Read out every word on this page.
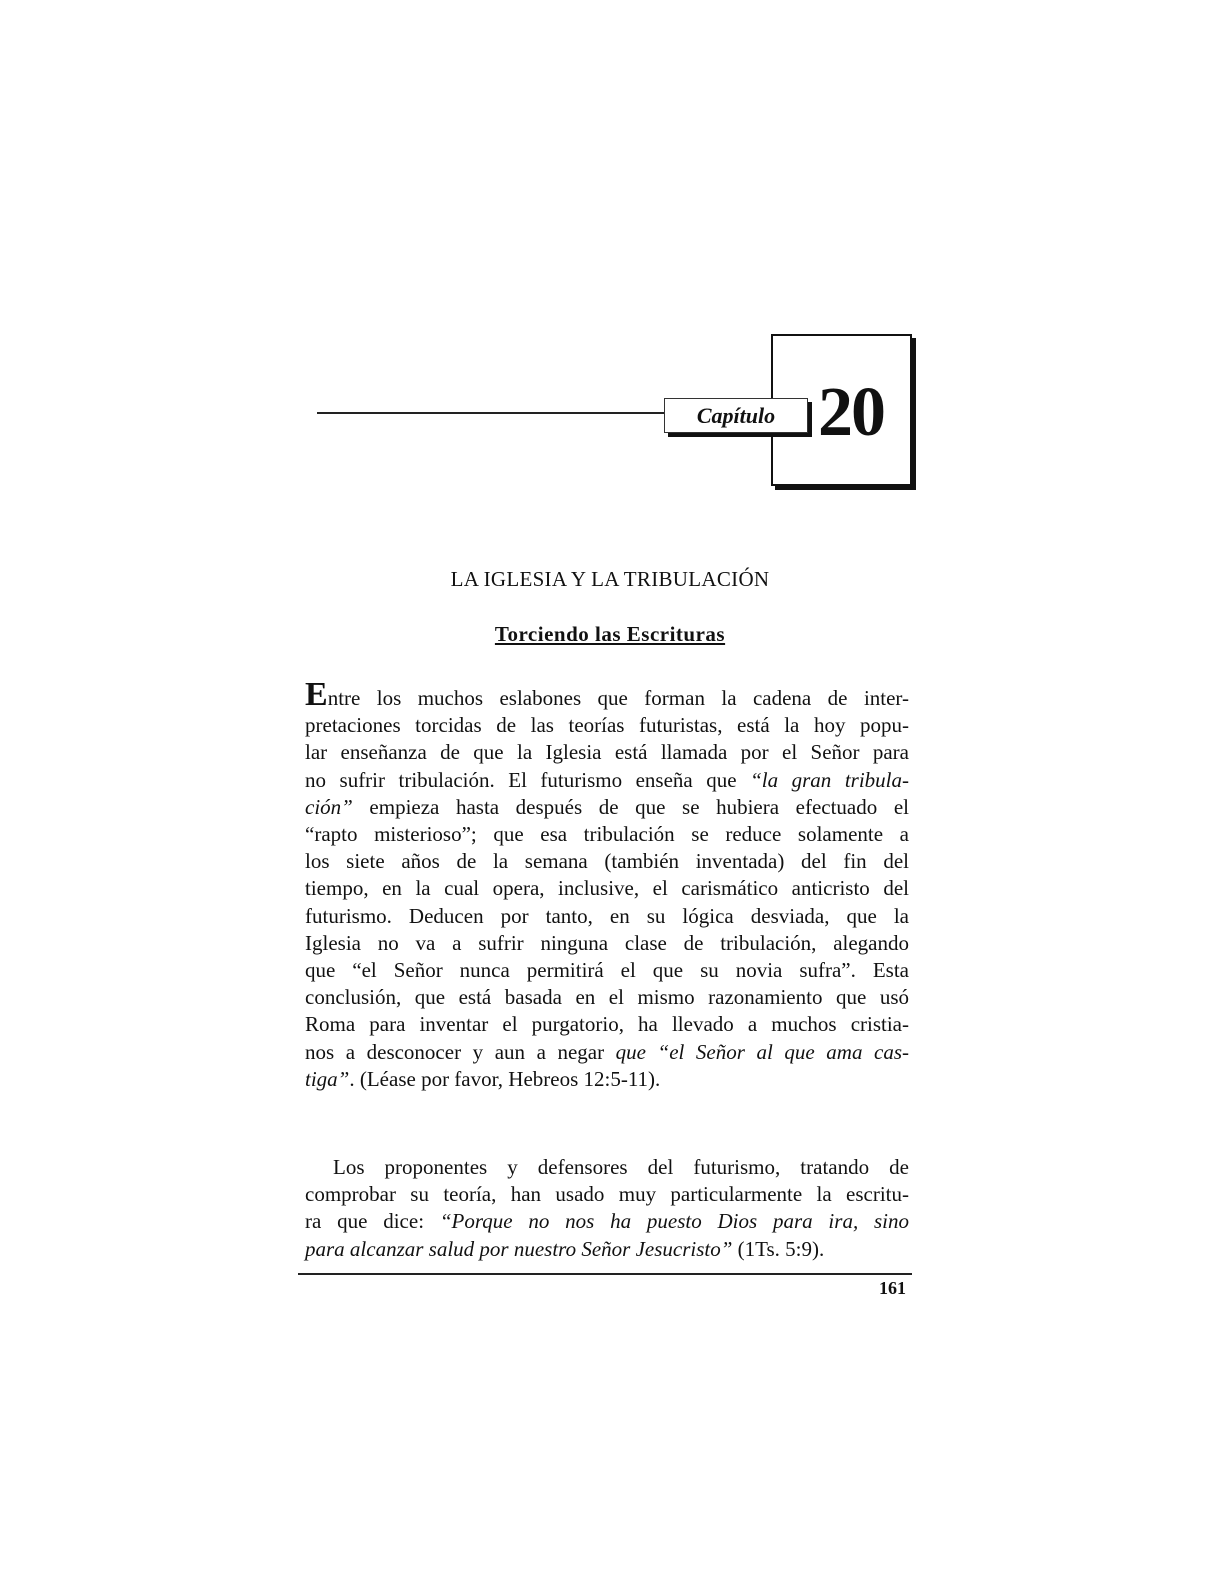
20
Capítulo
LA IGLESIA Y LA TRIBULACIÓN
Torciendo las Escrituras
Entre los muchos eslabones que forman la cadena de inter-
pretaciones torcidas de las teorías futuristas, está la hoy popu-
lar enseñanza de que la Iglesia está llamada por el Señor para
no sufrir tribulación. El futurismo enseña que “la gran tribula-
ción” empieza hasta después de que se hubiera efectuado el
“rapto misterioso”; que esa tribulación se reduce solamente a
los siete años de la semana (también inventada) del fin del
tiempo, en la cual opera, inclusive, el carismático anticristo del
futurismo. Deducen por tanto, en su lógica desviada, que la
Iglesia no va a sufrir ninguna clase de tribulación, alegando
que “el Señor nunca permitirá el que su novia sufra”. Esta
conclusión, que está basada en el mismo razonamiento que usó
Roma para inventar el purgatorio, ha llevado a muchos cristia-
nos a desconocer y aun a negar que “el Señor al que ama cas-
tiga”. (Léase por favor, Hebreos 12:5-11).
Los proponentes y defensores del futurismo, tratando de
comprobar su teoría, han usado muy particularmente la escritu-
ra que dice: “Porque no nos ha puesto Dios para ira, sino
para alcanzar salud por nuestro Señor Jesucristo” (1Ts. 5:9).
161
